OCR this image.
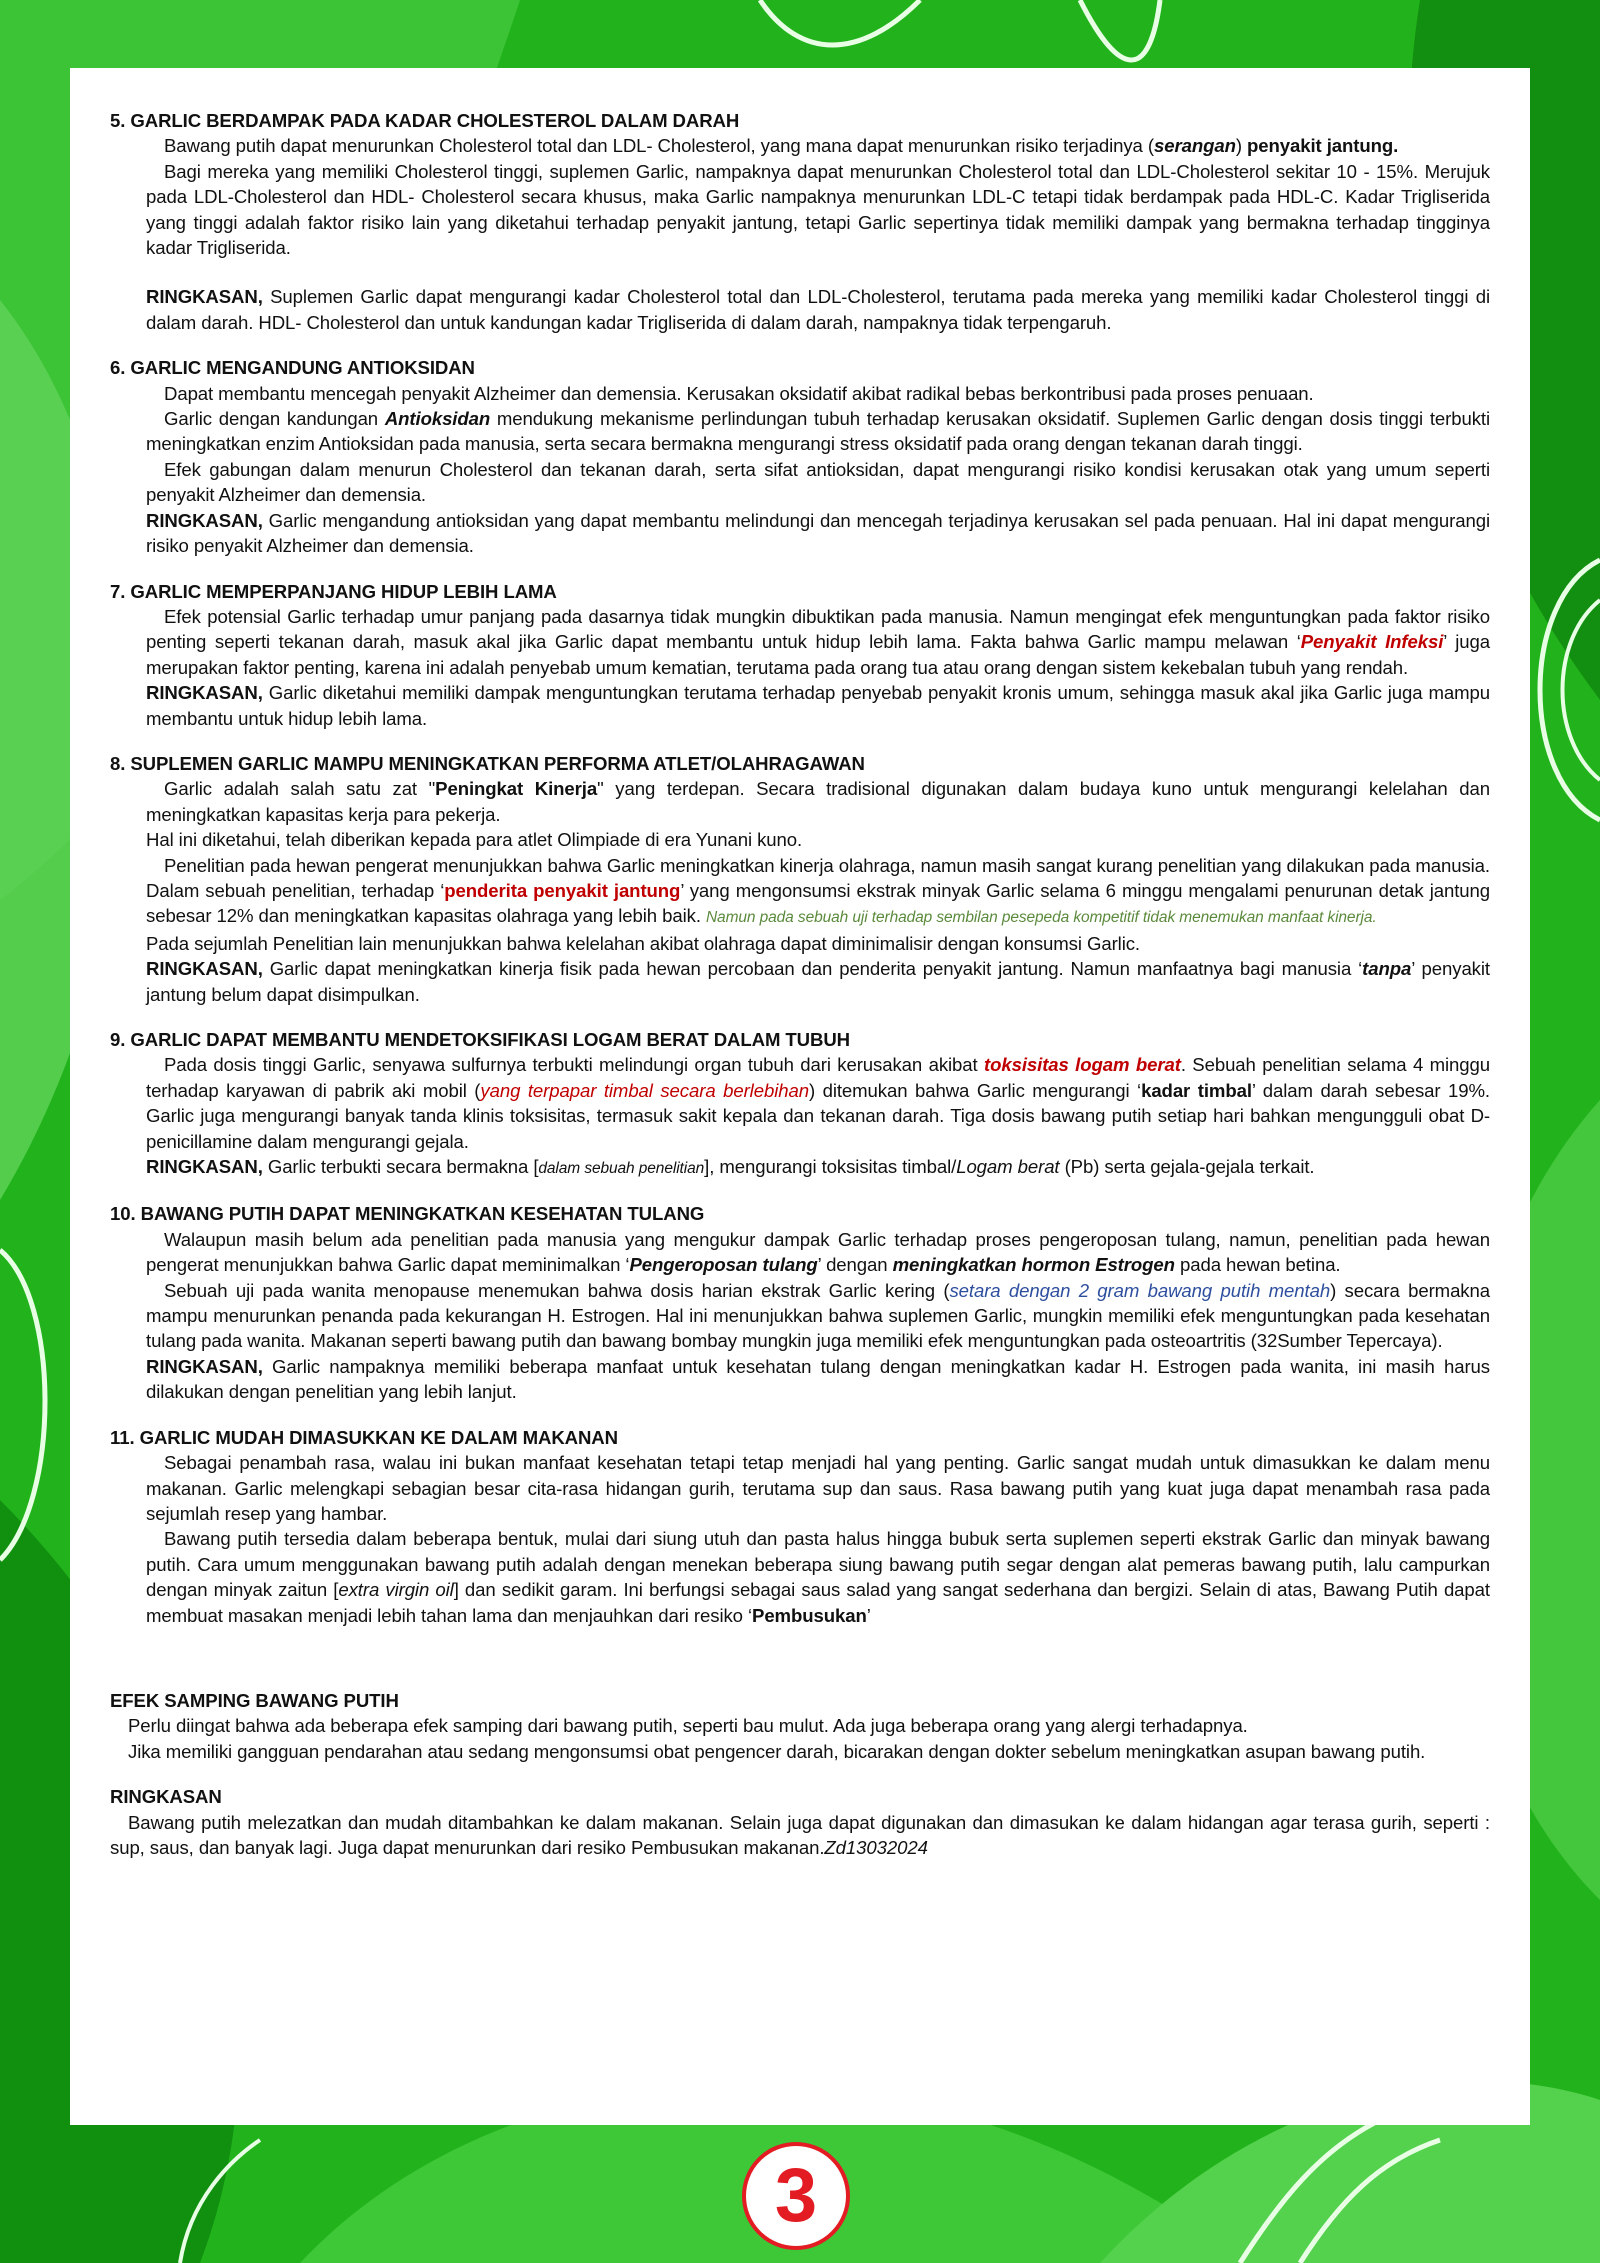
5. GARLIC BERDAMPAK PADA KADAR CHOLESTEROL DALAM DARAH

Bawang putih dapat menurunkan Cholesterol total dan LDL- Cholesterol, yang mana dapat menurunkan risiko terjadinya (serangan) penyakit jantung.

Bagi mereka yang memiliki Cholesterol tinggi, suplemen Garlic, nampaknya dapat menurunkan Cholesterol total dan LDL-Cholesterol sekitar 10 - 15%. Merujuk pada LDL-Cholesterol dan HDL- Cholesterol secara khusus, maka Garlic nampaknya menurunkan LDL-C tetapi tidak berdampak pada HDL-C. Kadar Trigliserida yang tinggi adalah faktor risiko lain yang diketahui terhadap penyakit jantung, tetapi Garlic sepertinya tidak memiliki dampak yang bermakna terhadap tingginya kadar Trigliserida.

RINGKASAN, Suplemen Garlic dapat mengurangi kadar Cholesterol total dan LDL-Cholesterol, terutama pada mereka yang memiliki kadar Cholesterol tinggi di dalam darah. HDL- Cholesterol dan untuk kandungan kadar Trigliserida di dalam darah, nampaknya tidak terpengaruh.

6. GARLIC MENGANDUNG ANTIOKSIDAN

Dapat membantu mencegah penyakit Alzheimer dan demensia. Kerusakan oksidatif akibat radikal bebas berkontribusi pada proses penuaan.

Garlic dengan kandungan Antioksidan mendukung mekanisme perlindungan tubuh terhadap kerusakan oksidatif. Suplemen Garlic dengan dosis tinggi terbukti meningkatkan enzim Antioksidan pada manusia, serta secara bermakna mengurangi stress oksidatif pada orang dengan tekanan darah tinggi.

Efek gabungan dalam menurun Cholesterol dan tekanan darah, serta sifat antioksidan, dapat mengurangi risiko kondisi kerusakan otak yang umum seperti penyakit Alzheimer dan demensia.

RINGKASAN, Garlic mengandung antioksidan yang dapat membantu melindungi dan mencegah terjadinya kerusakan sel pada penuaan. Hal ini dapat mengurangi risiko penyakit Alzheimer dan demensia.

7. GARLIC MEMPERPANJANG HIDUP LEBIH LAMA

Efek potensial Garlic terhadap umur panjang pada dasarnya tidak mungkin dibuktikan pada manusia. Namun mengingat efek menguntungkan pada faktor risiko penting seperti tekanan darah, masuk akal jika Garlic dapat membantu untuk hidup lebih lama. Fakta bahwa Garlic mampu melawan ‘Penyakit Infeksi’ juga merupakan faktor penting, karena ini adalah penyebab umum kematian, terutama pada orang tua atau orang dengan sistem kekebalan tubuh yang rendah.

RINGKASAN, Garlic diketahui memiliki dampak menguntungkan terutama terhadap penyebab penyakit kronis umum, sehingga masuk akal jika Garlic juga mampu membantu untuk hidup lebih lama.

8. SUPLEMEN GARLIC MAMPU MENINGKATKAN PERFORMA ATLET/OLAHRAGAWAN

Garlic adalah salah satu zat "Peningkat Kinerja" yang terdepan. Secara tradisional digunakan dalam budaya kuno untuk mengurangi kelelahan dan meningkatkan kapasitas kerja para pekerja.

Hal ini diketahui, telah diberikan kepada para atlet Olimpiade di era Yunani kuno.

Penelitian pada hewan pengerat menunjukkan bahwa Garlic meningkatkan kinerja olahraga, namun masih sangat kurang penelitian yang dilakukan pada manusia. Dalam sebuah penelitian, terhadap ‘penderita penyakit jantung’ yang mengonsumsi ekstrak minyak Garlic selama 6 minggu mengalami penurunan detak jantung sebesar 12% dan meningkatkan kapasitas olahraga yang lebih baik. Namun pada sebuah uji terhadap sembilan pesepeda kompetitif tidak menemukan manfaat kinerja.

Pada sejumlah Penelitian lain menunjukkan bahwa kelelahan akibat olahraga dapat diminimalisir dengan konsumsi Garlic.

RINGKASAN, Garlic dapat meningkatkan kinerja fisik pada hewan percobaan dan penderita penyakit jantung. Namun manfaatnya bagi manusia ‘tanpa’ penyakit jantung belum dapat disimpulkan.

9. GARLIC DAPAT MEMBANTU MENDETOKSIFIKASI LOGAM BERAT DALAM TUBUH

Pada dosis tinggi Garlic, senyawa sulfurnya terbukti melindungi organ tubuh dari kerusakan akibat toksisitas logam berat. Sebuah penelitian selama 4 minggu terhadap karyawan di pabrik aki mobil (yang terpapar timbal secara berlebihan) ditemukan bahwa Garlic mengurangi ‘kadar timbal’ dalam darah sebesar 19%. Garlic juga mengurangi banyak tanda klinis toksisitas, termasuk sakit kepala dan tekanan darah. Tiga dosis bawang putih setiap hari bahkan mengungguli obat D-penicillamine dalam mengurangi gejala.

RINGKASAN, Garlic terbukti secara bermakna [dalam sebuah penelitian], mengurangi toksisitas timbal/Logam berat (Pb) serta gejala-gejala terkait.

10. BAWANG PUTIH DAPAT MENINGKATKAN KESEHATAN TULANG

Walaupun masih belum ada penelitian pada manusia yang mengukur dampak Garlic terhadap proses pengeroposan tulang, namun, penelitian pada hewan pengerat menunjukkan bahwa Garlic dapat meminimalkan ‘Pengeroposan tulang’ dengan meningkatkan hormon Estrogen pada hewan betina.

Sebuah uji pada wanita menopause menemukan bahwa dosis harian ekstrak Garlic kering (setara dengan 2 gram bawang putih mentah) secara bermakna mampu menurunkan penanda pada kekurangan H. Estrogen. Hal ini menunjukkan bahwa suplemen Garlic, mungkin memiliki efek menguntungkan pada kesehatan tulang pada wanita. Makanan seperti bawang putih dan bawang bombay mungkin juga memiliki efek menguntungkan pada osteoartritis (32Sumber Tepercaya).

RINGKASAN, Garlic nampaknya memiliki beberapa manfaat untuk kesehatan tulang dengan meningkatkan kadar H. Estrogen pada wanita, ini masih harus dilakukan dengan penelitian yang lebih lanjut.

11. GARLIC MUDAH DIMASUKKAN KE DALAM MAKANAN

Sebagai penambah rasa, walau ini bukan manfaat kesehatan tetapi tetap menjadi hal yang penting. Garlic sangat mudah untuk dimasukkan ke dalam menu makanan. Garlic melengkapi sebagian besar cita-rasa hidangan gurih, terutama sup dan saus. Rasa bawang putih yang kuat juga dapat menambah rasa pada sejumlah resep yang hambar.

Bawang putih tersedia dalam beberapa bentuk, mulai dari siung utuh dan pasta halus hingga bubuk serta suplemen seperti ekstrak Garlic dan minyak bawang putih. Cara umum menggunakan bawang putih adalah dengan menekan beberapa siung bawang putih segar dengan alat pemeras bawang putih, lalu campurkan dengan minyak zaitun [extra virgin oil] dan sedikit garam. Ini berfungsi sebagai saus salad yang sangat sederhana dan bergizi. Selain di atas, Bawang Putih dapat membuat masakan menjadi lebih tahan lama dan menjauhkan dari resiko ‘Pembusukan’

EFEK SAMPING BAWANG PUTIH

Perlu diingat bahwa ada beberapa efek samping dari bawang putih, seperti bau mulut. Ada juga beberapa orang yang alergi terhadapnya.

Jika memiliki gangguan pendarahan atau sedang mengonsumsi obat pengencer darah, bicarakan dengan dokter sebelum meningkatkan asupan bawang putih.

RINGKASAN

Bawang putih melezatkan dan mudah ditambahkan ke dalam makanan. Selain juga dapat digunakan dan dimasukan ke dalam hidangan agar terasa gurih, seperti : sup, saus, dan banyak lagi. Juga dapat menurunkan dari resiko Pembusukan makanan.Zd13032024

3
